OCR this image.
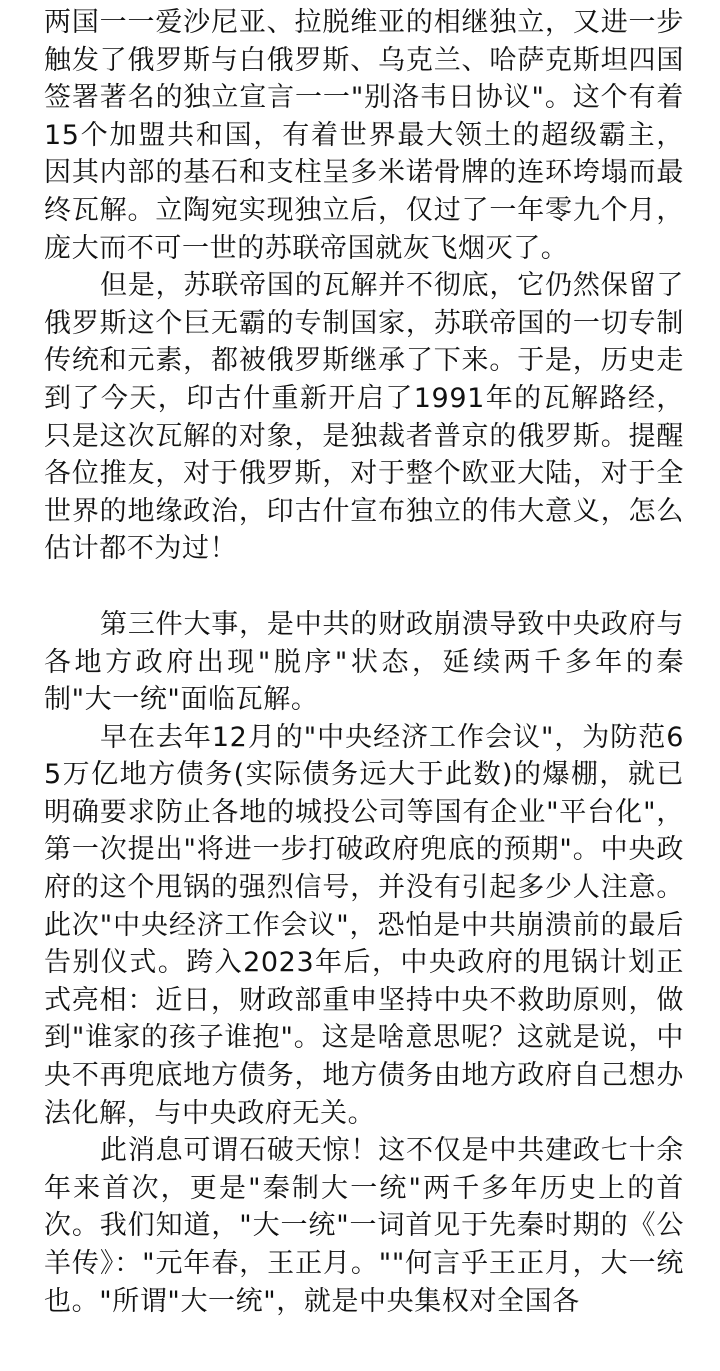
两国一一爱沙尼亚、拉脱维亚的相继独立，又进一步触发了俄罗斯与白俄罗斯、乌克兰、哈萨克斯坦四国签署著名的独立宣言一一"别洛韦日协议"。这个有着15个加盟共和国，有着世界最大领土的超级霸主，因其内部的基石和支柱呈多米诺骨牌的连环垮塌而最终瓦解。立陶宛实现独立后，仅过了一年零九个月，庞大而不可一世的苏联帝国就灰飞烟灭了。

但是，苏联帝国的瓦解并不彻底，它仍然保留了俄罗斯这个巨无霸的专制国家，苏联帝国的一切专制传统和元素，都被俄罗斯继承了下来。于是，历史走到了今天，印古什重新开启了1991年的瓦解路经，只是这次瓦解的对象，是独裁者普京的俄罗斯。提醒各位推友，对于俄罗斯，对于整个欧亚大陆，对于全世界的地缘政治，印古什宣布独立的伟大意义，怎么估计都不为过！

第三件大事，是中共的财政崩溃导致中央政府与各地方政府出现"脱序"状态，延续两千多年的秦制"大一统"面临瓦解。

早在去年12月的"中央经济工作会议"，为防范65万亿地方债务(实际债务远大于此数)的爆棚，就已明确要求防止各地的城投公司等国有企业"平台化"，第一次提出"将进一步打破政府兜底的预期"。中央政府的这个甩锅的强烈信号，并没有引起多少人注意。此次"中央经济工作会议"，恐怕是中共崩溃前的最后告别仪式。跨入2023年后，中央政府的甩锅计划正式亮相：近日，财政部重申坚持中央不救助原则，做到"谁家的孩子谁抱"。这是啥意思呢？这就是说，中央不再兜底地方债务，地方债务由地方政府自己想办法化解，与中央政府无关。

此消息可谓石破天惊！这不仅是中共建政七十余年来首次，更是"秦制大一统"两千多年历史上的首次。我们知道，"大一统"一词首见于先秦时期的《公羊传》："元年春，王正月。""何言乎王正月，大一统也。"所谓"大一统"，就是中央集权对全国各
